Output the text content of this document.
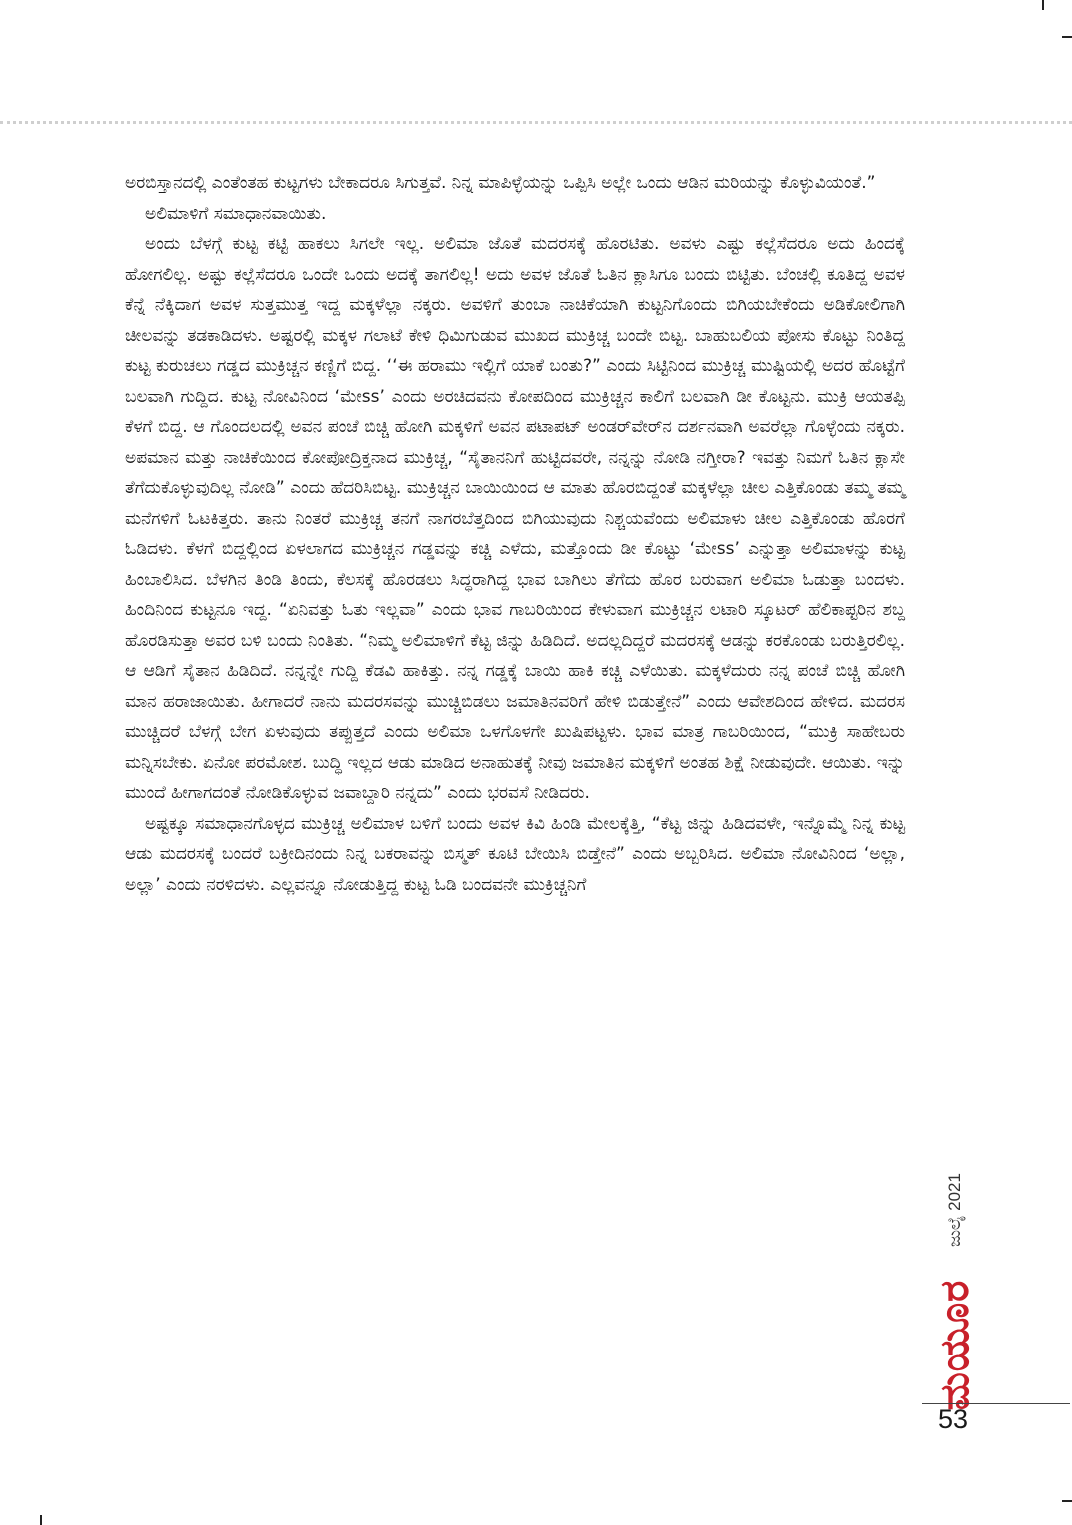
ಅರಬಿಸ್ತಾನದಲ್ಲಿ ಎಂತೆಂತಹ ಕುಟ್ಟಗಳು ಬೇಕಾದರೂ ಸಿಗುತ್ತವೆ. ನಿನ್ನ ಮಾಪಿಳ್ಳೆಯನ್ನು ಒಪ್ಪಿಸಿ ಅಲ್ಲೇ ಒಂದು ಆಡಿನ ಮರಿಯನ್ನು ಕೊಳ್ಳುವಿಯಂತೆ.”

ಅಲಿಮಾಳಿಗೆ ಸಮಾಧಾನವಾಯಿತು.

ಅಂದು ಬೆಳಗ್ಗೆ ಕುಟ್ಟ ಕಟ್ಟಿ ಹಾಕಲು ಸಿಗಲೇ ಇಲ್ಲ. ಅಲಿಮಾ ಜೊತೆ ಮದರಸಕ್ಕೆ ಹೊರಟಿತು. ಅವಳು ಎಷ್ಟು ಕಲ್ಲೆಸೆದರೂ ಅದು ಹಿಂದಕ್ಕೆ ಹೋಗಲಿಲ್ಲ. ಅಷ್ಟು ಕಲ್ಲೆಸೆದರೂ ಒಂದೇ ಒಂದು ಅದಕ್ಕೆ ತಾಗಲಿಲ್ಲ! ಅದು ಅವಳ ಜೊತೆ ಓತಿನ ಕ್ಲಾಸಿಗೂ ಬಂದು ಬಿಟ್ಟಿತು. ಬೆಂಚಲ್ಲಿ ಕೂತಿದ್ದ ಅವಳ ಕೆನ್ನೆ ನೆಕ್ಕಿದಾಗ ಅವಳ ಸುತ್ತಮುತ್ತ ಇದ್ದ ಮಕ್ಕಳೆಲ್ಲಾ ನಕ್ಕರು. ಅವಳಿಗೆ ತುಂಬಾ ನಾಚಿಕೆಯಾಗಿ ಕುಟ್ಟನಿಗೊಂದು ಬಿಗಿಯಬೇಕೆಂದು ಅಡಿಕೋಲಿಗಾಗಿ ಚೀಲವನ್ನು ತಡಕಾಡಿದಳು. ಅಷ್ಟರಲ್ಲಿ ಮಕ್ಕಳ ಗಲಾಟೆ ಕೇಳಿ ಧಿಮಿಗುಡುವ ಮುಖದ ಮುಕ್ರಿಚ್ಚ ಬಂದೇ ಬಿಟ್ಟ. ಬಾಹುಬಲಿಯ ಪೋಸು ಕೊಟ್ಟು ನಿಂತಿದ್ದ ಕುಟ್ಟ ಕುರುಚಲು ಗಡ್ಡದ ಮುಕ್ರಿಚ್ಚನ ಕಣ್ಣಿಗೆ ಬಿದ್ದ. ‘‘ಈ ಹರಾಮು ಇಲ್ಲಿಗೆ ಯಾಕೆ ಬಂತು?” ಎಂದು ಸಿಟ್ಟಿನಿಂದ ಮುಕ್ರಿಚ್ಚ ಮುಷ್ಟಿಯಲ್ಲಿ ಅದರ ಹೊಟ್ಟೆಗೆ ಬಲವಾಗಿ ಗುದ್ದಿದ. ಕುಟ್ಟ ನೋವಿನಿಂದ ‘ಮೇss’ ಎಂದು ಅರಚಿದವನು ಕೋಪದಿಂದ ಮುಕ್ರಿಚ್ಚನ ಕಾಲಿಗೆ ಬಲವಾಗಿ ಡೀ ಕೊಟ್ಟನು. ಮುಕ್ರಿ ಆಯತಪ್ಪಿ ಕೆಳಗೆ ಬಿದ್ದ. ಆ ಗೊಂದಲದಲ್ಲಿ ಅವನ ಪಂಚೆ ಬಿಚ್ಚಿ ಹೋಗಿ ಮಕ್ಕಳಿಗೆ ಅವನ ಪಟಾಪಟ್ ಅಂಡರ್‌ವೇರ್‌ನ ದರ್ಶನವಾಗಿ ಅವರೆಲ್ಲಾ ಗೊಳ್ಳೆಂದು ನಕ್ಕರು. ಅಪಮಾನ ಮತ್ತು ನಾಚಿಕೆಯಿಂದ ಕೋಪೋದ್ರಿಕ್ತನಾದ ಮುಕ್ರಿಚ್ಚ, “ಸೈತಾನನಿಗೆ ಹುಟ್ಟಿದವರೇ, ನನ್ನನ್ನು ನೋಡಿ ನಗ್ತೀರಾ? ಇವತ್ತು ನಿಮಗೆ ಓತಿನ ಕ್ಲಾಸೇ ತೆಗೆದುಕೊಳ್ಳುವುದಿಲ್ಲ ನೋಡಿ” ಎಂದು ಹೆದರಿಸಿಬಿಟ್ಟ. ಮುಕ್ರಿಚ್ಚನ ಬಾಯಿಯಿಂದ ಆ ಮಾತು ಹೊರಬಿದ್ದಂತೆ ಮಕ್ಕಳೆಲ್ಲಾ ಚೀಲ ಎತ್ತಿಕೊಂಡು ತಮ್ಮ ತಮ್ಮ ಮನೆಗಳಿಗೆ ಓಟಕಿತ್ತರು. ತಾನು ನಿಂತರೆ ಮುಕ್ರಿಚ್ಚ ತನಗೆ ನಾಗರಬೆತ್ತದಿಂದ ಬಿಗಿಯುವುದು ನಿಶ್ಚಯವೆಂದು ಅಲಿಮಾಳು ಚೀಲ ಎತ್ತಿಕೊಂಡು ಹೊರಗೆ ಓಡಿದಳು. ಕೆಳಗೆ ಬಿದ್ದಲ್ಲಿಂದ ಏಳಲಾಗದ ಮುಕ್ರಿಚ್ಚನ ಗಡ್ಡವನ್ನು ಕಚ್ಚಿ ಎಳೆದು, ಮತ್ತೊಂದು ಡೀ ಕೊಟ್ಟು ‘ಮೇss’ ಎನ್ನುತ್ತಾ ಅಲಿಮಾಳನ್ನು ಕುಟ್ಟ ಹಿಂಬಾಲಿಸಿದ. ಬೆಳಗಿನ ತಿಂಡಿ ತಿಂದು, ಕೆಲಸಕ್ಕೆ ಹೊರಡಲು ಸಿದ್ಧರಾಗಿದ್ದ ಭಾವ ಬಾಗಿಲು ತೆಗೆದು ಹೊರ ಬರುವಾಗ ಅಲಿಮಾ ಓಡುತ್ತಾ ಬಂದಳು. ಹಿಂದಿನಿಂದ ಕುಟ್ಟನೂ ಇದ್ದ. “ಏನಿವತ್ತು ಓತು ಇಲ್ಲವಾ” ಎಂದು ಭಾವ ಗಾಬರಿಯಿಂದ ಕೇಳುವಾಗ ಮುಕ್ರಿಚ್ಚನ ಲಟಾರಿ ಸ್ಕೂಟರ್ ಹೆಲಿಕಾಪ್ಟರಿನ ಶಬ್ದ ಹೊರಡಿಸುತ್ತಾ ಅವರ ಬಳಿ ಬಂದು ನಿಂತಿತು. “ನಿಮ್ಮ ಅಲಿಮಾಳಿಗೆ ಕೆಟ್ಟ ಜಿನ್ನು ಹಿಡಿದಿದೆ. ಅದಲ್ಲದಿದ್ದರೆ ಮದರಸಕ್ಕೆ ಆಡನ್ನು ಕರಕೊಂಡು ಬರುತ್ತಿರಲಿಲ್ಲ. ಆ ಆಡಿಗೆ ಸೈತಾನ ಹಿಡಿದಿದೆ. ನನ್ನನ್ನೇ ಗುದ್ದಿ ಕೆಡವಿ ಹಾಕಿತ್ತು. ನನ್ನ ಗಡ್ಡಕ್ಕೆ ಬಾಯಿ ಹಾಕಿ ಕಚ್ಚಿ ಎಳೆಯಿತು. ಮಕ್ಕಳೆದುರು ನನ್ನ ಪಂಚೆ ಬಿಚ್ಚಿ ಹೋಗಿ ಮಾನ ಹರಾಜಾಯಿತು. ಹೀಗಾದರೆ ನಾನು ಮದರಸವನ್ನು ಮುಚ್ಚಿಬಿಡಲು ಜಮಾತಿನವರಿಗೆ ಹೇಳಿ ಬಿಡುತ್ತೇನೆ” ಎಂದು ಆವೇಶದಿಂದ ಹೇಳಿದ. ಮದರಸ ಮುಚ್ಚಿದರೆ ಬೆಳಗ್ಗೆ ಬೇಗ ಏಳುವುದು ತಪ್ಪುತ್ತದೆ ಎಂದು ಅಲಿಮಾ ಒಳಗೊಳಗೇ ಖುಷಿಪಟ್ಟಳು. ಭಾವ ಮಾತ್ರ ಗಾಬರಿಯಿಂದ, “ಮುಕ್ರಿ ಸಾಹೇಬರು ಮನ್ನಿಸಬೇಕು. ಏನೋ ಪರಮೋಶ. ಬುದ್ಧಿ ಇಲ್ಲದ ಆಡು ಮಾಡಿದ ಅನಾಹುತಕ್ಕೆ ನೀವು ಜಮಾತಿನ ಮಕ್ಕಳಿಗೆ ಅಂತಹ ಶಿಕ್ಷೆ ನೀಡುವುದೇ. ಆಯಿತು. ಇನ್ನು ಮುಂದೆ ಹೀಗಾಗದಂತೆ ನೋಡಿಕೊಳ್ಳುವ ಜವಾಬ್ದಾರಿ ನನ್ನದು” ಎಂದು ಭರವಸೆ ನೀಡಿದರು.

ಅಷ್ಟಕ್ಕೂ ಸಮಾಧಾನಗೊಳ್ಳದ ಮುಕ್ರಿಚ್ಚ ಅಲಿಮಾಳ ಬಳಿಗೆ ಬಂದು ಅವಳ ಕಿವಿ ಹಿಂಡಿ ಮೇಲಕ್ಕೆತ್ತಿ, “ಕೆಟ್ಟ ಜಿನ್ನು ಹಿಡಿದವಳೇ, ಇನ್ನೊಮ್ಮೆ ನಿನ್ನ ಕುಟ್ಟ ಆಡು ಮದರಸಕ್ಕೆ ಬಂದರೆ ಬಕ್ರೀದಿನಂದು ನಿನ್ನ ಬಕರಾವನ್ನು ಬಿಸ್ಮತ್ ಕೂಟಿ ಬೇಯಿಸಿ ಬಿಡ್ತೇನೆ” ಎಂದು ಅಬ್ಬರಿಸಿದ. ಅಲಿಮಾ ನೋವಿನಿಂದ ‘ಅಲ್ಲಾ, ಅಲ್ಲಾ’ ಎಂದು ನರಳಿದಳು. ಎಲ್ಲವನ್ನೂ ನೋಡುತ್ತಿದ್ದ ಕುಟ್ಟ ಓಡಿ ಬಂದವನೇ ಮುಕ್ರಿಚ್ಚನಿಗೆ

ಜುಲೈ 2021
ಮಯೂರ
53
